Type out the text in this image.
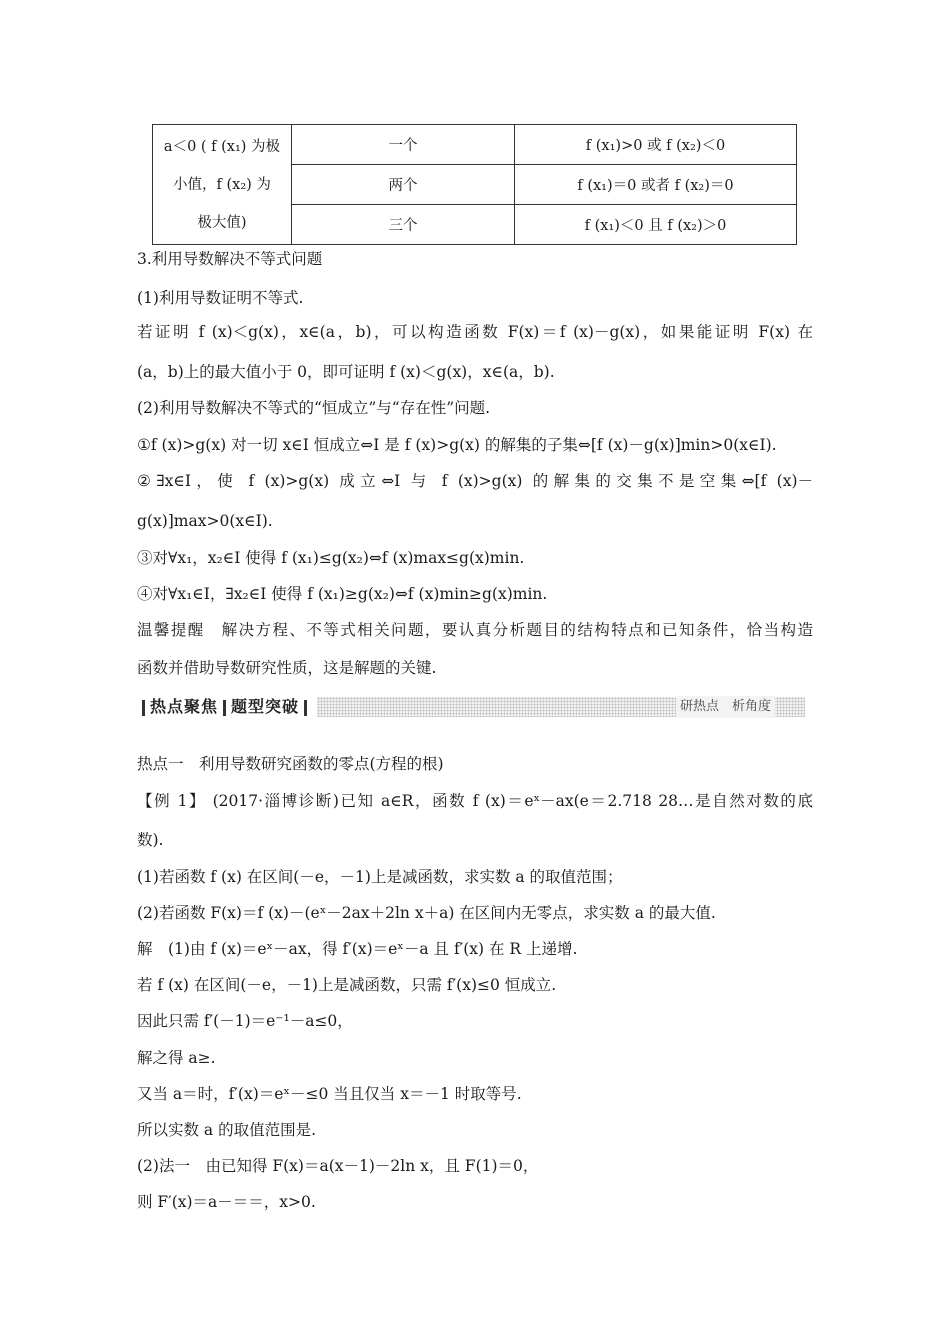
a＜0 ( f (x₁) 为极
小值，f (x₂) 为
极大值)	一个	f (x₁)>0 或 f (x₂)＜0
	两个	f (x₁)＝0 或者 f (x₂)＝0
	三个	f (x₁)＜0 且 f (x₂)＞0
3.利用导数解决不等式问题
(1)利用导数证明不等式.
若证明 f (x)＜g(x)，x∈(a，b)，可以构造函数 F(x)＝f (x)－g(x)，如果能证明 F(x) 在
(a，b)上的最大值小于 0，即可证明 f (x)＜g(x)，x∈(a，b).
(2)利用导数解决不等式的“恒成立”与“存在性”问题.
①f (x)>g(x) 对一切 x∈I 恒成立⇔I 是 f (x)>g(x) 的解集的子集⇔[f (x)－g(x)]min>0(x∈I).
②∃x∈I，使 f (x)>g(x) 成立⇔I 与 f (x)>g(x) 的解集的交集不是空集⇔[f (x)－
g(x)]max>0(x∈I).
③对∀x₁，x₂∈I 使得 f (x₁)≤g(x₂)⇔f (x)max≤g(x)min.
④对∀x₁∈I，∃x₂∈I 使得 f (x₁)≥g(x₂)⇔f (x)min≥g(x)min.
温馨提醒　解决方程、不等式相关问题，要认真分析题目的结构特点和已知条件，恰当构造
函数并借助导数研究性质，这是解题的关键.
热点聚焦 题型突破	研热点　析角度
热点一　利用导数研究函数的零点(方程的根)
【例 1】 (2017·淄博诊断)已知 a∈R，函数 f (x)＝eˣ－ax(e＝2.718 28…是自然对数的底
数).
(1)若函数 f (x) 在区间(－e，－1)上是减函数，求实数 a 的取值范围；
(2)若函数 F(x)＝f (x)－(eˣ－2ax＋2ln x＋a) 在区间内无零点，求实数 a 的最大值.
解　(1)由 f (x)＝eˣ－ax，得 f′(x)＝eˣ－a 且 f′(x) 在 R 上递增.
若 f (x) 在区间(－e，－1)上是减函数，只需 f′(x)≤0 恒成立.
因此只需 f′(－1)＝e⁻¹－a≤0，
解之得 a≥.
又当 a＝时，f′(x)＝eˣ－≤0 当且仅当 x＝－1 时取等号.
所以实数 a 的取值范围是.
(2)法一　由已知得 F(x)＝a(x－1)－2ln x，且 F(1)＝0，
则 F′(x)＝a－＝＝，x>0.
